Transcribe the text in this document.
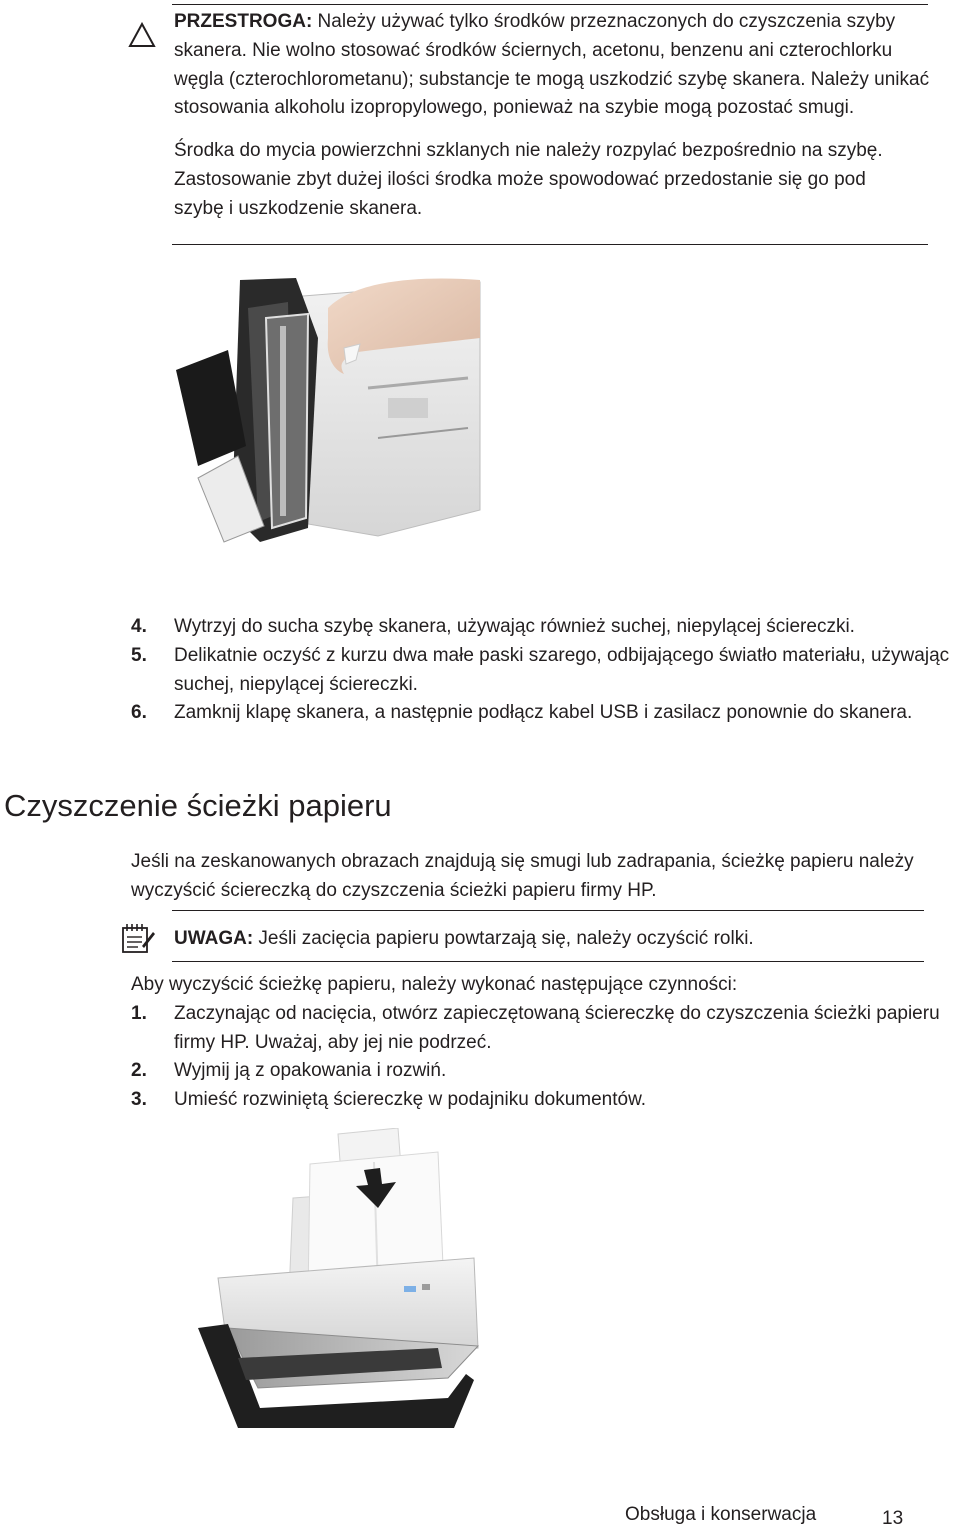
PRZESTROGA: Należy używać tylko środków przeznaczonych do czyszczenia szyby skanera. Nie wolno stosować środków ściernych, acetonu, benzenu ani czterochlorku węgla (czterochlorometanu); substancje te mogą uszkodzić szybę skanera. Należy unikać stosowania alkoholu izopropylowego, ponieważ na szybie mogą pozostać smugi.

Środka do mycia powierzchni szklanych nie należy rozpylać bezpośrednio na szybę. Zastosowanie zbyt dużej ilości środka może spowodować przedostanie się go pod szybę i uszkodzenie skanera.

4. Wytrzyj do sucha szybę skanera, używając również suchej, niepylącej ściereczki.
5. Delikatnie oczyść z kurzu dwa małe paski szarego, odbijającego światło materiału, używając suchej, niepylącej ściereczki.
6. Zamknij klapę skanera, a następnie podłącz kabel USB i zasilacz ponownie do skanera.
Czyszczenie ścieżki papieru
Jeśli na zeskanowanych obrazach znajdują się smugi lub zadrapania, ścieżkę papieru należy wyczyścić ściereczką do czyszczenia ścieżki papieru firmy HP.
UWAGA: Jeśli zacięcia papieru powtarzają się, należy oczyścić rolki.
Aby wyczyścić ścieżkę papieru, należy wykonać następujące czynności:
1. Zaczynając od nacięcia, otwórz zapieczętowaną ściereczkę do czyszczenia ścieżki papieru firmy HP. Uważaj, aby jej nie podrzeć.
2. Wyjmij ją z opakowania i rozwiń.
3. Umieść rozwiniętą ściereczkę w podajniku dokumentów.
Obsługa i konserwacja	13
